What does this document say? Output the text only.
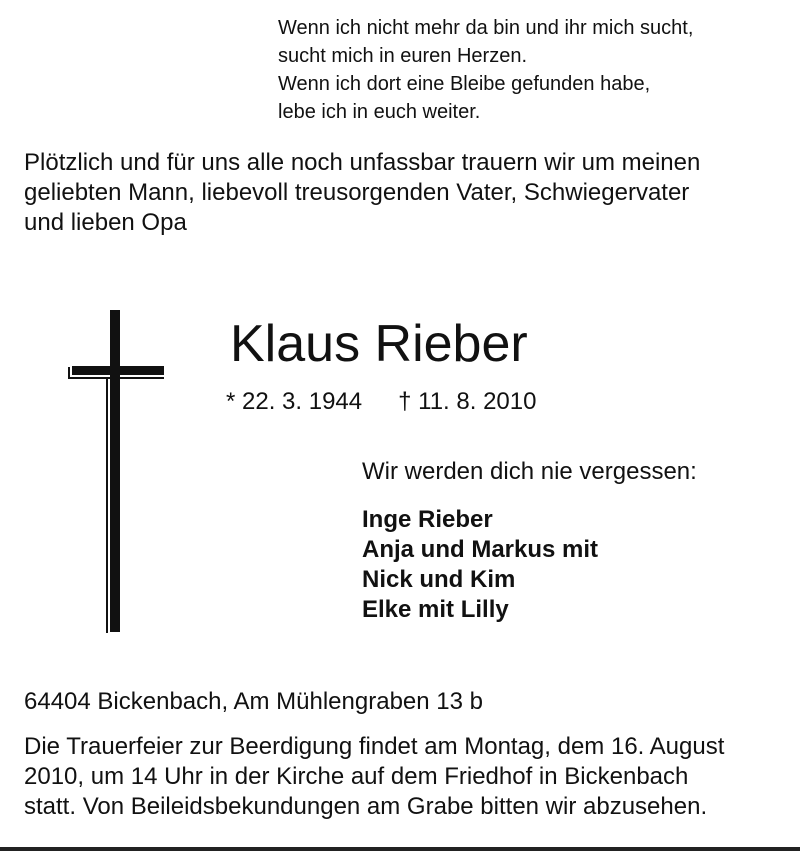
Wenn ich nicht mehr da bin und ihr mich sucht,
sucht mich in euren Herzen.
Wenn ich dort eine Bleibe gefunden habe,
lebe ich in euch weiter.
Plötzlich und für uns alle noch unfassbar trauern wir um meinen
geliebten Mann, liebevoll treusorgenden Vater, Schwiegervater
und lieben Opa
Klaus Rieber
* 22. 3. 1944 † 11. 8. 2010
Wir werden dich nie vergessen:
Inge Rieber
Anja und Markus mit
Nick und Kim
Elke mit Lilly
64404 Bickenbach, Am Mühlengraben 13 b
Die Trauerfeier zur Beerdigung findet am Montag, dem 16. August
2010, um 14 Uhr in der Kirche auf dem Friedhof in Bickenbach
statt. Von Beileidsbekundungen am Grabe bitten wir abzusehen.
